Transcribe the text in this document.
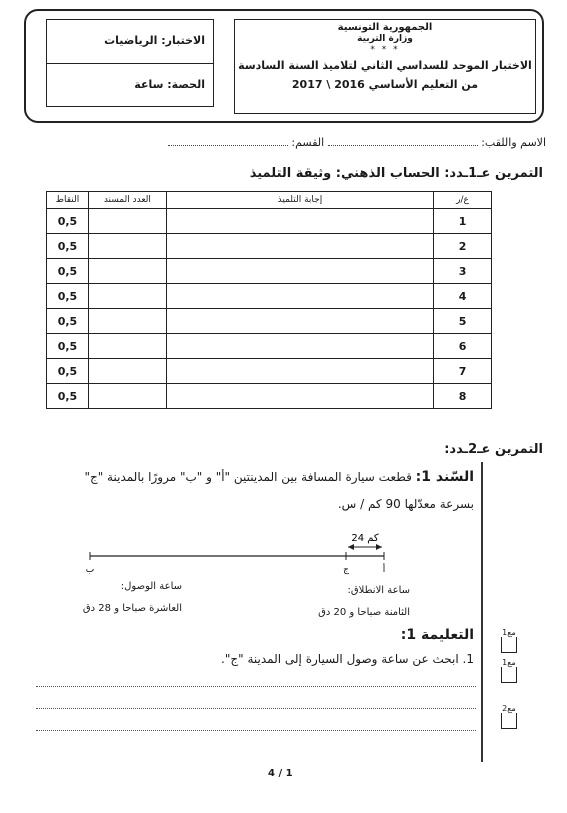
الاختبار: الرياضيات
الحصة: ساعة
الجمهورية التونسية
وزارة التربية
* * *
الاختبار الموحد للسداسي الثاني لتلاميذ السنة السادسة
من التعليم الأساسي 2016 \ 2017
الاسم واللقب:  القسم:
التمرين عـ1ـدد: الحساب الذهني: وثيقة التلميذ
النقاط	العدد المسند	إجابة التلميذ	ع/ر
0,5			1
0,5			2
0,5			3
0,5			4
0,5			5
0,5			6
0,5			7
0,5			8
التمرين عـ2ـدد:
السّند 1: قطعت سيارة المسافة بين المدينتين "أ" و "ب" مرورًا بالمدينة "ج"
بسرعة معدّلها 90 كم / س.
24 كم
ب	ج	أ
ساعة الوصول:
العاشرة صباحا و 28 دق
ساعة الانطلاق:
الثامنة صباحا و 20 دق
التعليمة 1:
1. ابحث عن ساعة وصول السيارة إلى المدينة "ج".
مع1
مع1
مع2
4 / 1
